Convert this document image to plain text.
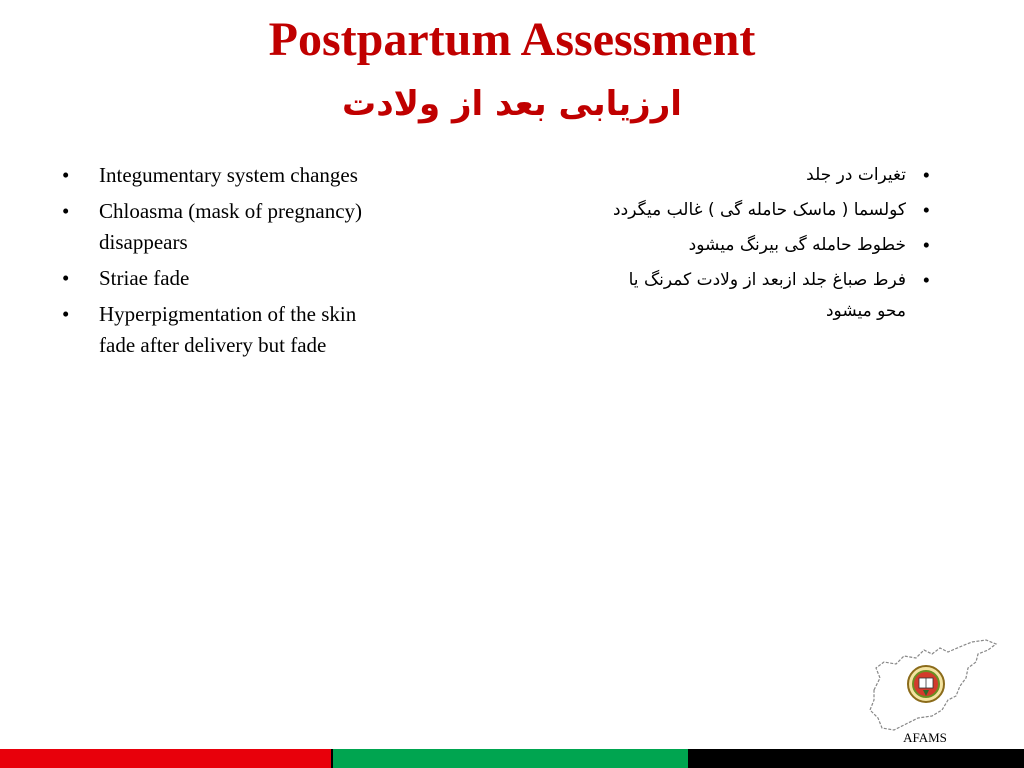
Postpartum Assessment
ارزیابی بعد از ولادت
• Integumentary system changes
• Chloasma (mask of pregnancy) disappears
• Striae fade
• Hyperpigmentation of the skin fade after delivery but fade
•
تغیرات در جلد
•
کولسما ( ماسک حامله گی ) غالب میگردد
•
خطوط حامله گی بیرنگ میشود
•
فرط صباغ جلد ازبعد از ولادت کمرنگ یا محو میشود
AFAMS
